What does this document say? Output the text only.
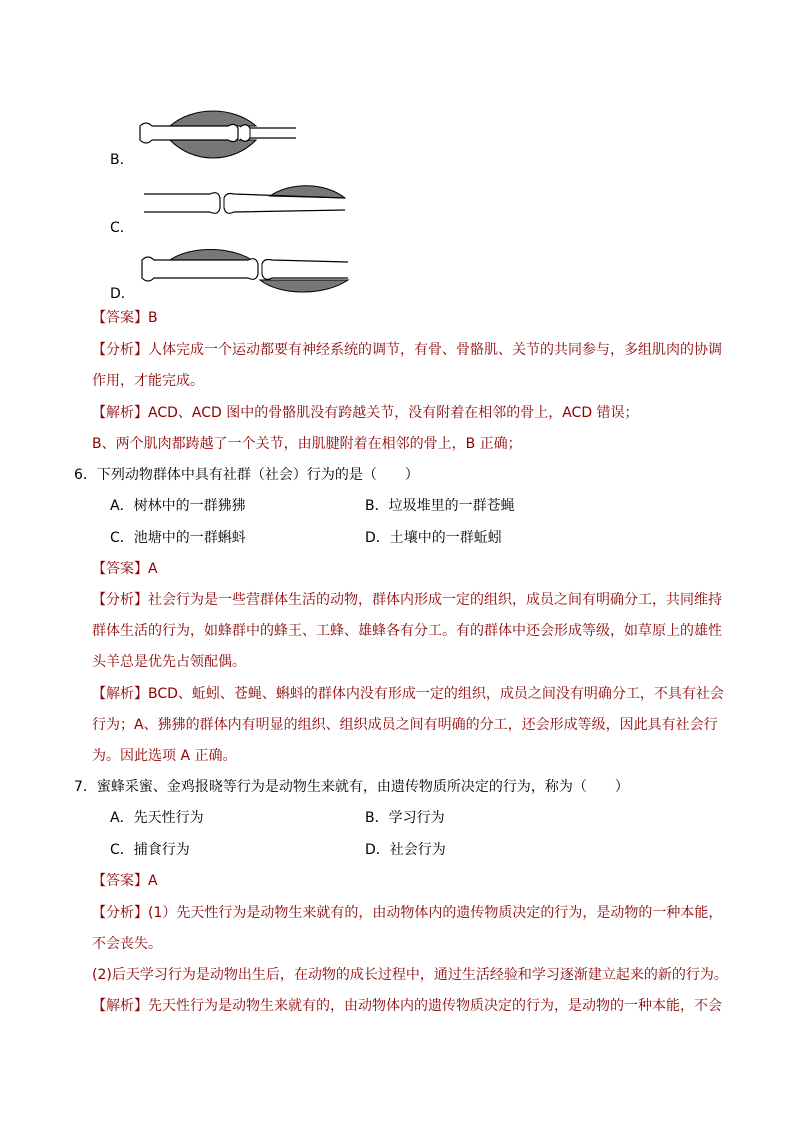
B．
C．
D．
【答案】B
【分析】人体完成一个运动都要有神经系统的调节，有骨、骨骼肌、关节的共同参与，多组肌肉的协调
作用，才能完成。
【解析】ACD、ACD 图中的骨骼肌没有跨越关节，没有附着在相邻的骨上，ACD 错误；
B、两个肌肉都踌越了一个关节，由肌腱附着在相邻的骨上，B 正确；
6．下列动物群体中具有社群（社会）行为的是（　　）
A．树林中的一群狒狒	B．垃圾堆里的一群苍蝇
C．池塘中的一群蝌蚪	D．土壤中的一群蚯蚓
【答案】A
【分析】社会行为是一些营群体生活的动物，群体内形成一定的组织，成员之间有明确分工，共同维持
群体生活的行为，如蜂群中的蜂王、工蜂、雄蜂各有分工。有的群体中还会形成等级，如草原上的雄性
头羊总是优先占领配偶。
【解析】BCD、蚯蚓、苍蝇、蝌蚪的群体内没有形成一定的组织，成员之间没有明确分工，不具有社会
行为；A、狒狒的群体内有明显的组织、组织成员之间有明确的分工，还会形成等级，因此具有社会行
为。因此选项 A 正确。
7．蜜蜂采蜜、金鸡报晓等行为是动物生来就有，由遗传物质所决定的行为，称为（　　）
A．先天性行为	B．学习行为
C．捕食行为	D．社会行为
【答案】A
【分析】(1）先天性行为是动物生来就有的，由动物体内的遗传物质决定的行为，是动物的一种本能，
不会丧失。
(2)后天学习行为是动物出生后，在动物的成长过程中，通过生活经验和学习逐渐建立起来的新的行为。
【解析】先天性行为是动物生来就有的，由动物体内的遗传物质决定的行为，是动物的一种本能，不会
